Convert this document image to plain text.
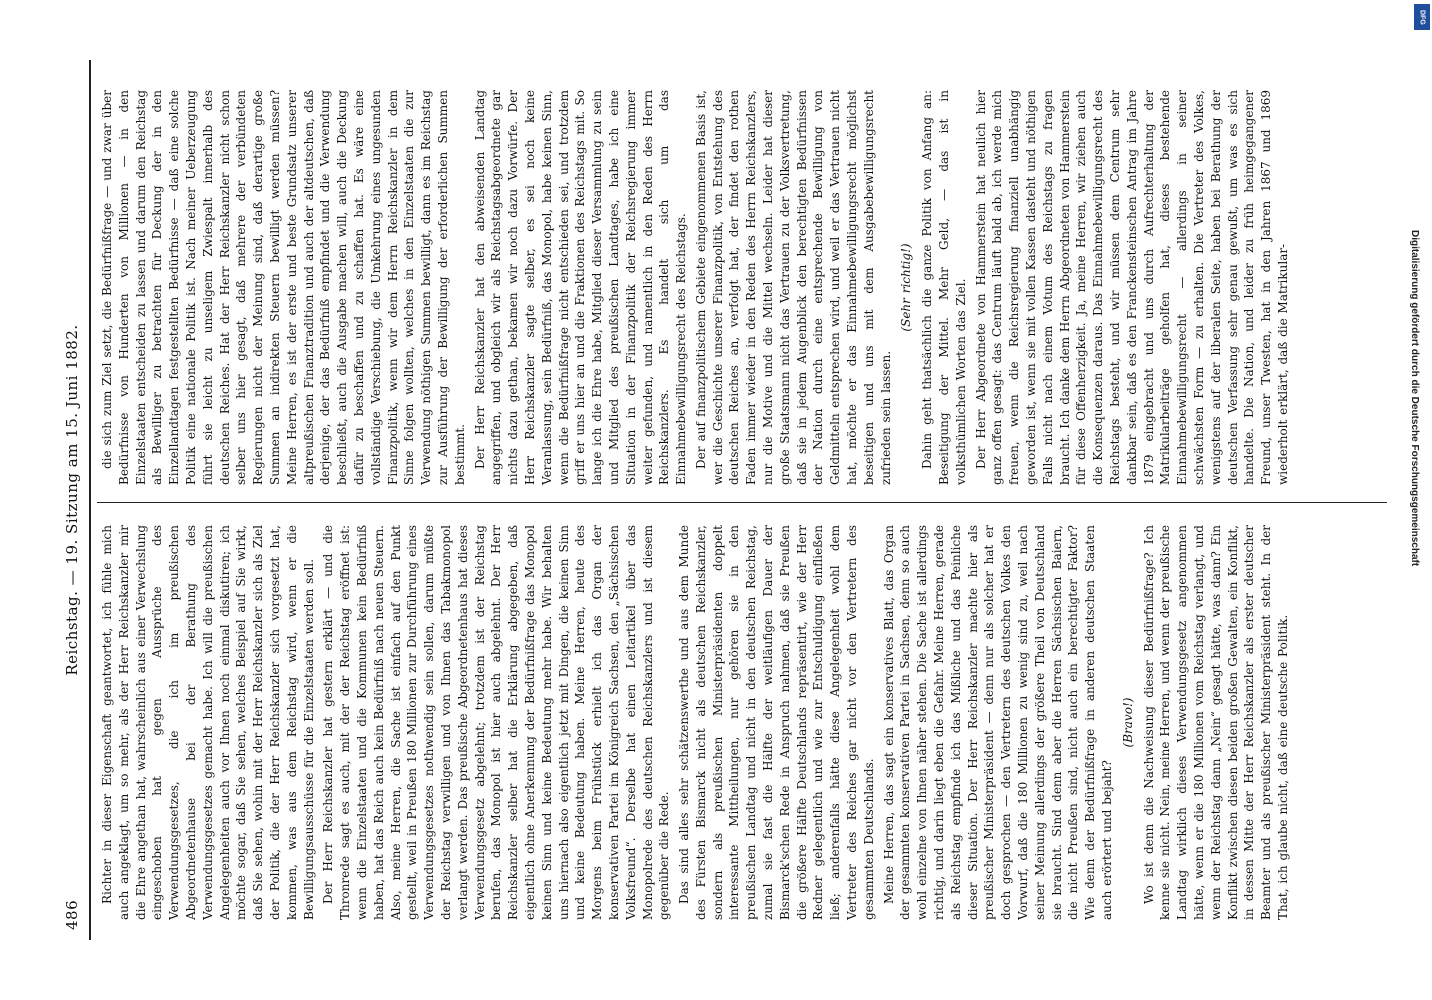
486
Reichstag. — 19. Sitzung am 15. Juni 1882.

Richter in dieser Eigenschaft geantwortet, ich fühle mich auch angeklagt, um so mehr, als der Herr Reichskanzler mir die Ehre angethan hat, wahrscheinlich aus einer Verwechslung eingeschoben hat gegen Aussprüche des Verwendungsgesetzes, die ich im preußischen Abgeordnetenhause bei der Berathung des Verwendungsgesetzes gemacht habe. Ich will die preußischen Angelegenheiten auch vor Ihnen noch einmal diskutiren; ich möchte sogar, daß Sie sehen, welches Beispiel auf Sie wirkt, daß Sie sehen, wohin mit der Herr Reichskanzler sich als Ziel der Politik, die der Herr Reichskanzler sich vorgesetzt hat, kommen, was aus dem Reichstag wird, wenn er die Bewilligungsausschüsse für die Einzelstaaten werden soll. Der Herr Reichskanzler hat gestern erklärt — und die Thronrede sagt es auch, mit der der Reichstag eröffnet ist: wenn die Einzelstaaten und die Kommunen kein Bedürfniß haben, hat das Reich auch kein Bedürfniß nach neuen Steuern. Also, meine Herren, die Sache ist einfach auf den Punkt gestellt, weil in Preußen 180 Millionen zur Durchführung eines Verwendungsgesetzes nothwendig sein sollen, darum müßte der Reichstag verwilligen und von Ihnen das Tabakmonopol verlangt werden. Das preußische Abgeordnetenhaus hat dieses Verwendungsgesetz abgelehnt; trotzdem ist der Reichstag berufen, das Monopol ist hier auch abgelehnt. Der Herr Reichskanzler selber hat die Erklärung abgegeben, daß eigentlich ohne Anerkennung der Bedürfnißfrage das Monopol keinen Sinn und keine Bedeutung mehr habe. Wir behalten uns hiernach also eigentlich jetzt mit Dingen, die keinen Sinn und keine Bedeutung haben. Meine Herren, heute des Morgens beim Frühstück erhielt ich das Organ der konservativen Partei im Königreich Sachsen, den „Sächsischen Volksfreund“. Derselbe hat einen Leitartikel über das Monopolrede des deutschen Reichskanzlers und ist diesem gegenüber die Rede. Das sind alles sehr schätzenswerthe und aus dem Munde des Fürsten Bismarck nicht als deutschen Reichskanzler, sondern als preußischen Ministerpräsidenten doppelt interessante Mittheilungen, nur gehören sie in den preußischen Landtag und nicht in den deutschen Reichstag, zumal sie fast die Hälfte der weitläufigen Dauer der Bismarck'schen Rede in Anspruch nahmen, daß sie Preußen die größere Hälfte Deutschlands repräsentirt, wie der Herr Redner gelegentlich und wie zur Entschuldigung einfließen ließ; anderenfalls hätte diese Angelegenheit wohl dem Vertreter des Reiches gar nicht vor den Vertretern des gesammten Deutschlands. Meine Herren, das sagt ein konservatives Blatt, das Organ der gesammten konservativen Partei in Sachsen, denn so auch wohl einzelne von Ihnen näher stehen. Die Sache ist allerdings richtig, und darin liegt eben die Gefahr. Meine Herren, gerade als Reichstag empfinde ich das Mißliche und das Peinliche dieser Situation. Der Herr Reichskanzler machte hier als preußischer Ministerpräsident — denn nur als solcher hat er doch gesprochen — den Vertretern des deutschen Volkes den Vorwurf, daß die 180 Millionen zu wenig sind zu, weil nach seiner Meinung allerdings der größere Theil von Deutschland sie braucht. Sind denn aber die Herren Sächsischen Baiern, die nicht Preußen sind, nicht auch ein berechtigter Faktor? Wie denn der Bedürfnißfrage in anderen deutschen Staaten auch erörtert und bejaht?

(Bravo!) Wo ist denn die Nachweisung dieser Bedürfnißfrage? Ich kenne sie nicht. Nein, meine Herren, und wenn der preußische Landtag wirklich dieses Verwendungsgesetz angenommen hätte, wenn er die 180 Millionen vom Reichstag verlangt, und wenn der Reichstag dann „Nein“ gesagt hätte, was dann? Ein Konflikt zwischen diesen beiden großen Gewalten, ein Konflikt, in dessen Mitte der Herr Reichskanzler als erster deutscher Beamter und als preußischer Ministerpräsident steht. In der That, ich glaube nicht, daß eine deutsche Politik.

die sich zum Ziel setzt, die Bedürfnißfrage — und zwar über Bedürfnisse von Hunderten von Millionen — in den Einzelstaaten entscheiden zu lassen und darum den Reichstag als Bewilliger zu betrachten für Deckung der in den Einzellandtagen festgestellten Bedürfnisse — daß eine solche Politik eine nationale Politik ist. Nach meiner Ueberzeugung führt sie leicht zu unseligem Zwiespalt innerhalb des deutschen Reiches. Hat der Herr Reichskanzler nicht schon selber uns hier gesagt, daß mehrere der verbündeten Regierungen nicht der Meinung sind, daß derartige große Summen an indirekten Steuern bewilligt werden müssen? Meine Herren, es ist der erste und beste Grundsatz unserer altpreußischen Finanztradition und auch der altdeutschen, daß derjenige, der das Bedürfniß empfindet und die Verwendung beschließt, auch die Ausgabe machen will, auch die Deckung dafür zu beschaffen und zu schaffen hat. Es wäre eine vollständige Verschiebung, die Umkehrung eines ungesunden Finanzpolitik, wenn wir dem Herrn Reichskanzler in dem Sinne folgen wollten, welches in den Einzelstaaten die zur Verwendung nöthigen Summen bewilligt, dann es im Reichstag zur Ausführung der Bewilligung der erforderlichen Summen bestimmt. Der Herr Reichskanzler hat den abweisenden Landtag angegriffen, und obgleich wir als Reichstagsabgeordnete gar nichts dazu gethan, bekamen wir noch dazu Vorwürfe. Der Herr Reichskanzler sagte selber, es sei noch keine Veranlassung, sein Bedürfniß, das Monopol, habe keinen Sinn, wenn die Bedürfnißfrage nicht entschieden sei, und trotzdem griff er uns hier an und die Fraktionen des Reichstags mit. So lange ich die Ehre habe, Mitglied dieser Versammlung zu sein und Mitglied des preußischen Landtages, habe ich eine Situation in der Finanzpolitik der Reichsregierung immer weiter gefunden, und namentlich in den Reden des Herrn Reichskanzlers. Es handelt sich um das Einnahmebewilligungsrecht des Reichstags. Der auf finanzpolitischem Gebiete eingenommenen Basis ist, wer die Geschichte unserer Finanzpolitik, von Entstehung des deutschen Reiches an, verfolgt hat, der findet den rothen Faden immer wieder in den Reden des Herrn Reichskanzlers, nur die Motive und die Mittel wechseln. Leider hat dieser große Staatsmann nicht das Vertrauen zu der Volksvertretung, daß sie in jedem Augenblick den berechtigten Bedürfnissen der Nation durch eine entsprechende Bewilligung von Geldmitteln entsprechen wird, und weil er das Vertrauen nicht hat, möchte er das Einnahmebewilligungsrecht möglichst beseitigen und uns mit dem Ausgabebewilligungsrecht zufrieden sein lassen.

(Sehr richtig!) Dahin geht thatsächlich die ganze Politik von Anfang an: Beseitigung der Mittel. Mehr Geld, — das ist in volksthümlichen Worten das Ziel. Der Herr Abgeordnete von Hammerstein hat neulich hier ganz offen gesagt: das Centrum läuft bald ab, ich werde mich freuen, wenn die Reichsregierung finanziell unabhängig geworden ist, wenn sie mit vollen Kassen dasteht und nöthigen Falls nicht nach einem Votum des Reichstags zu fragen braucht. Ich danke dem Herrn Abgeordneten von Hammerstein für diese Offenherzigkeit. Ja, meine Herren, wir ziehen auch die Konsequenzen daraus. Das Einnahmebewilligungsrecht des Reichstags besteht, und wir müssen dem Centrum sehr dankbar sein, daß es den Franckensteinschen Antrag im Jahre 1879 eingebracht und uns durch Aufrechterhaltung der Matrikularbeiträge geholfen hat, dieses bestehende Einnahmebewilligungsrecht — allerdings in seiner schwächsten Form — zu erhalten. Die Vertreter des Volkes, wenigstens auf der liberalen Seite, haben bei Berathung der deutschen Verfassung sehr genau gewußt, um was es sich handelte. Die Nation, und leider zu früh heimgegangener Freund, unser Twesten, hat in den Jahren 1867 und 1869 wiederholt erklärt, daß die Matrikular-

DFG
Digitalisierung gefördert durch die Deutsche Forschungsgemeinschaft
